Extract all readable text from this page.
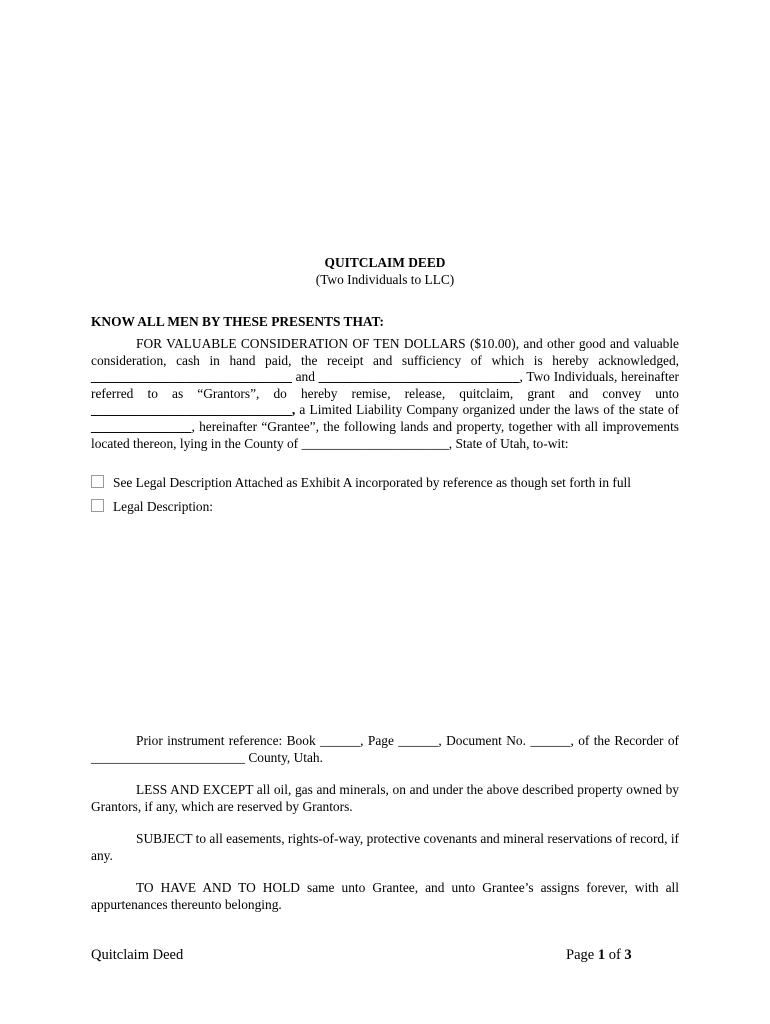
QUITCLAIM DEED
(Two Individuals to LLC)
KNOW ALL MEN BY THESE PRESENTS THAT:
FOR VALUABLE CONSIDERATION OF TEN DOLLARS ($10.00), and other good and valuable consideration, cash in hand paid, the receipt and sufficiency of which is hereby acknowledged, ______________________________ and ______________________________, Two Individuals, hereinafter referred to as “Grantors”, do hereby remise, release, quitclaim, grant and convey unto ______________________________, a Limited Liability Company organized under the laws of the state of _______________, hereinafter “Grantee”, the following lands and property, together with all improvements located thereon, lying in the County of ______________________, State of Utah, to-wit:
See Legal Description Attached as Exhibit A incorporated by reference as though set forth in full
Legal Description:
Prior instrument reference: Book ______, Page ______, Document No. ______, of the Recorder of _______________________ County, Utah.
LESS AND EXCEPT all oil, gas and minerals, on and under the above described property owned by Grantors, if any, which are reserved by Grantors.
SUBJECT to all easements, rights-of-way, protective covenants and mineral reservations of record, if any.
TO HAVE AND TO HOLD same unto Grantee, and unto Grantee’s assigns forever, with all appurtenances thereunto belonging.
Quitclaim Deed	Page 1 of 3
